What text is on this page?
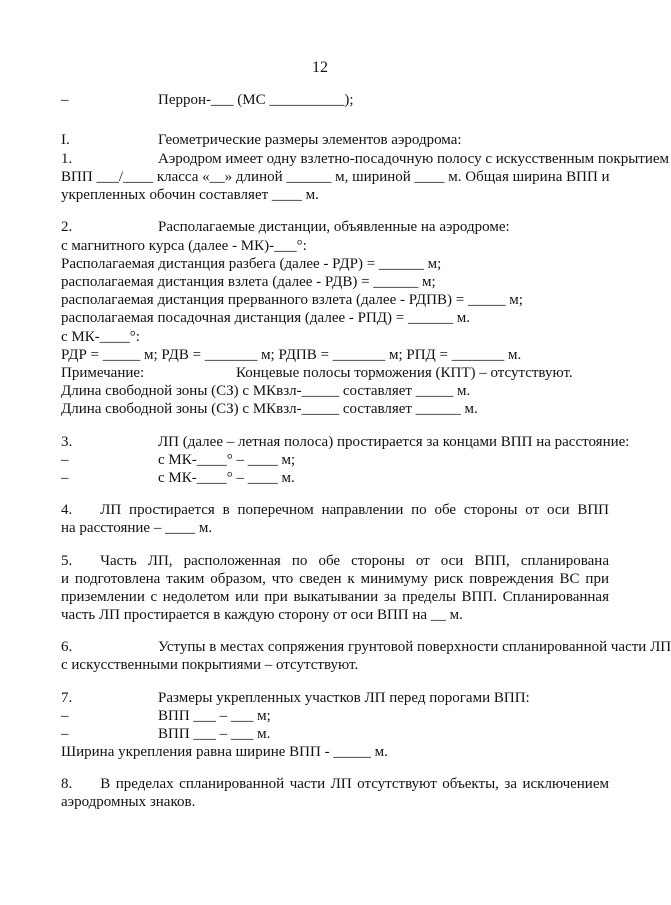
12
–	Перрон-___ (МС __________);
I.	Геометрические размеры элементов аэродрома:
1.	Аэродром имеет одну взлетно-посадочную полосу с искусственным покрытием
ВПП ___/____ класса «__» длиной ______ м, шириной ____ м. Общая ширина ВПП и
укрепленных обочин составляет ____ м.
2.	Располагаемые дистанции, объявленные на аэродроме:
с магнитного курса (далее - МК)-___°:
Располагаемая дистанция разбега (далее - РДР) = ______ м;
располагаемая дистанция взлета (далее - РДВ) = ______ м;
располагаемая дистанция прерванного взлета (далее - РДПВ) = _____ м;
располагаемая посадочная дистанция (далее - РПД) = ______ м.
с МК-____°:
РДР = _____ м; РДВ = _______ м; РДПВ = _______ м; РПД = _______ м.
Примечание:	Концевые полосы торможения (КПТ) – отсутствуют.
Длина свободной зоны (СЗ) с МКвзл-_____ составляет _____ м.
Длина свободной зоны (СЗ) с МКвзл-_____ составляет ______ м.
3.	ЛП (далее – летная полоса) простирается за концами ВПП на расстояние:
–	с МК-____° – ____ м;
–	с МК-____° – ____ м.
4. ЛП простирается в поперечном направлении по обе стороны от оси ВПП
на расстояние – ____ м.
5. Часть ЛП, расположенная по обе стороны от оси ВПП, спланирована
и подготовлена таким образом, что сведен к минимуму риск повреждения ВС при
приземлении с недолетом или при выкатывании за пределы ВПП. Спланированная
часть ЛП простирается в каждую сторону от оси ВПП на __ м.
6.	Уступы в местах сопряжения грунтовой поверхности спланированной части ЛП
с искусственными покрытиями – отсутствуют.
7.	Размеры укрепленных участков ЛП перед порогами ВПП:
–	ВПП ___ – ___ м;
–	ВПП ___ – ___ м.
Ширина укрепления равна ширине ВПП - _____ м.
8. В пределах спланированной части ЛП отсутствуют объекты, за исключением
аэродромных знаков.
